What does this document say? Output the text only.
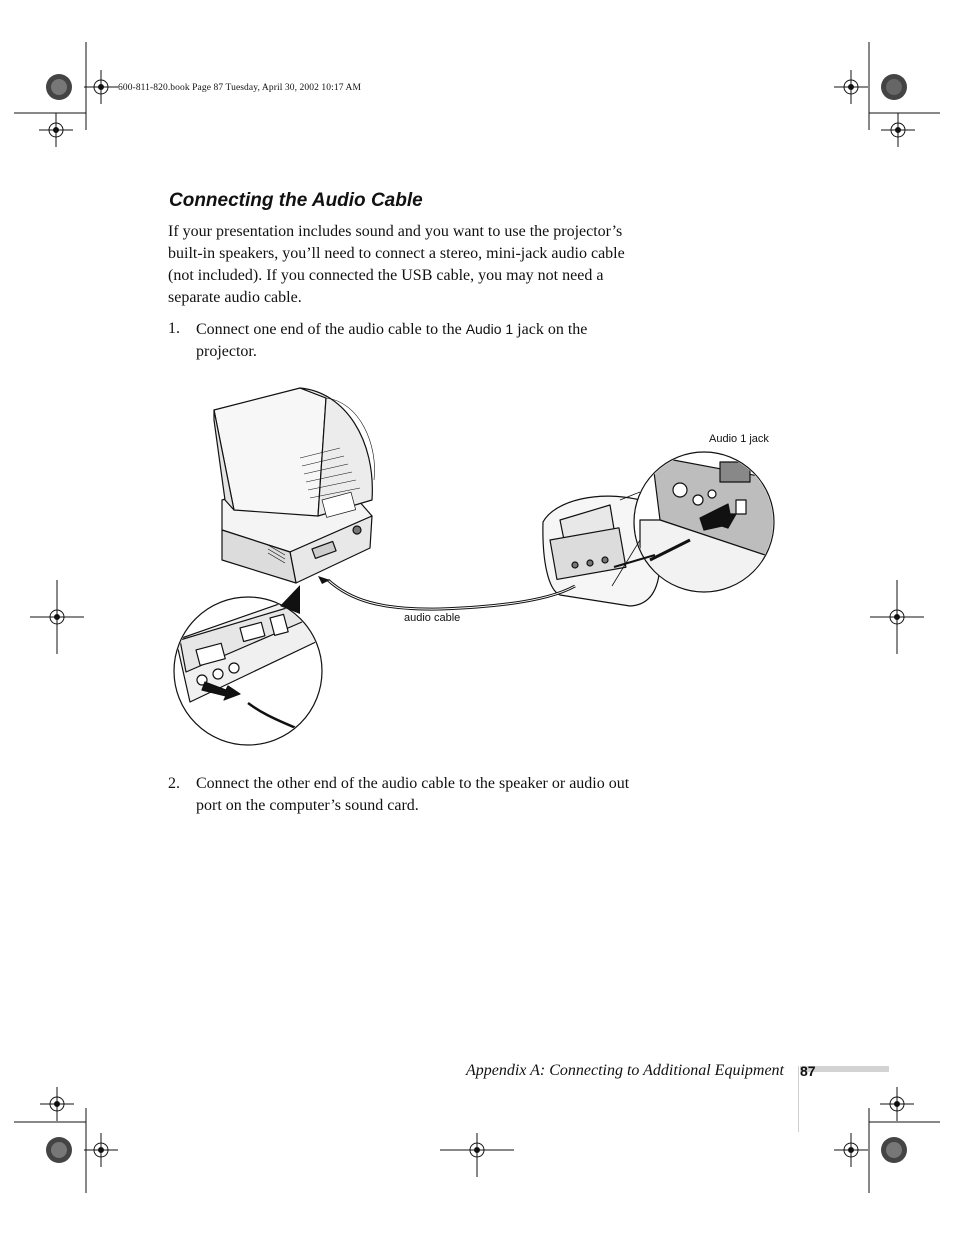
600-811-820.book Page 87 Tuesday, April 30, 2002 10:17 AM
Connecting the Audio Cable
If your presentation includes sound and you want to use the projector’s built-in speakers, you’ll need to connect a stereo, mini-jack audio cable (not included). If you connected the USB cable, you may not need a separate audio cable.
1. Connect one end of the audio cable to the Audio 1 jack on the projector.
Audio 1 jack
audio cable
2. Connect the other end of the audio cable to the speaker or audio out port on the computer’s sound card.
Appendix A: Connecting to Additional Equipment 87
